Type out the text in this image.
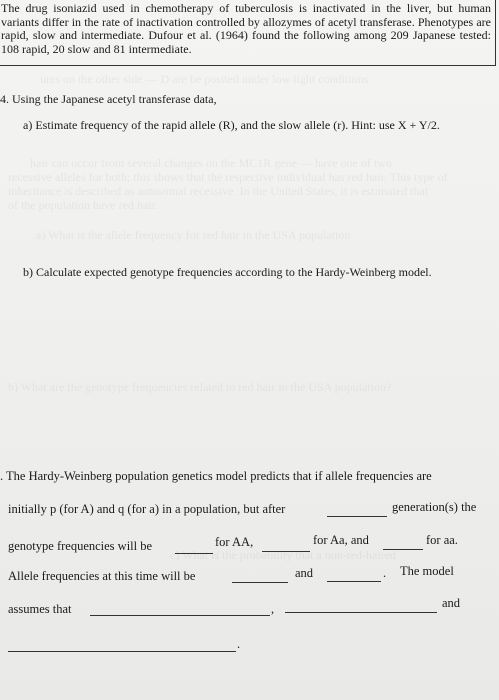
ures on the other side — D are be posited under low light conditions
hair can occur from several changes on the MC1R gene — have one of two
recessive alleles for both; this shows that the respective individual has red hair. This type of
inheritance is described as autosomal recessive. In the United States, it is estimated that
of the population have red hair.
a) What is the allele frequency for red hair in the USA population
b) What are the genotype frequencies related to red hair in the USA population?
c) What is the probability that a non-red-haired
The drug isoniazid used in chemotherapy of tuberculosis is inactivated in the liver, but human variants differ in the rate of inactivation controlled by allozymes of acetyl transferase. Phenotypes are rapid, slow and intermediate. Dufour et al. (1964) found the following among 209 Japanese tested: 108 rapid, 20 slow and 81 intermediate.
4. Using the Japanese acetyl transferase data,
a) Estimate frequency of the rapid allele (R), and the slow allele (r). Hint: use X + Y/2.
b) Calculate expected genotype frequencies according to the Hardy-Weinberg model.
. The Hardy-Weinberg population genetics model predicts that if allele frequencies are
initially p (for A) and q (for a) in a population, but after	generation(s) the
genotype frequencies will be	for AA,	for Aa, and	for aa.
Allele frequencies at this time will be	and	. The model
assumes that	,	and
.
